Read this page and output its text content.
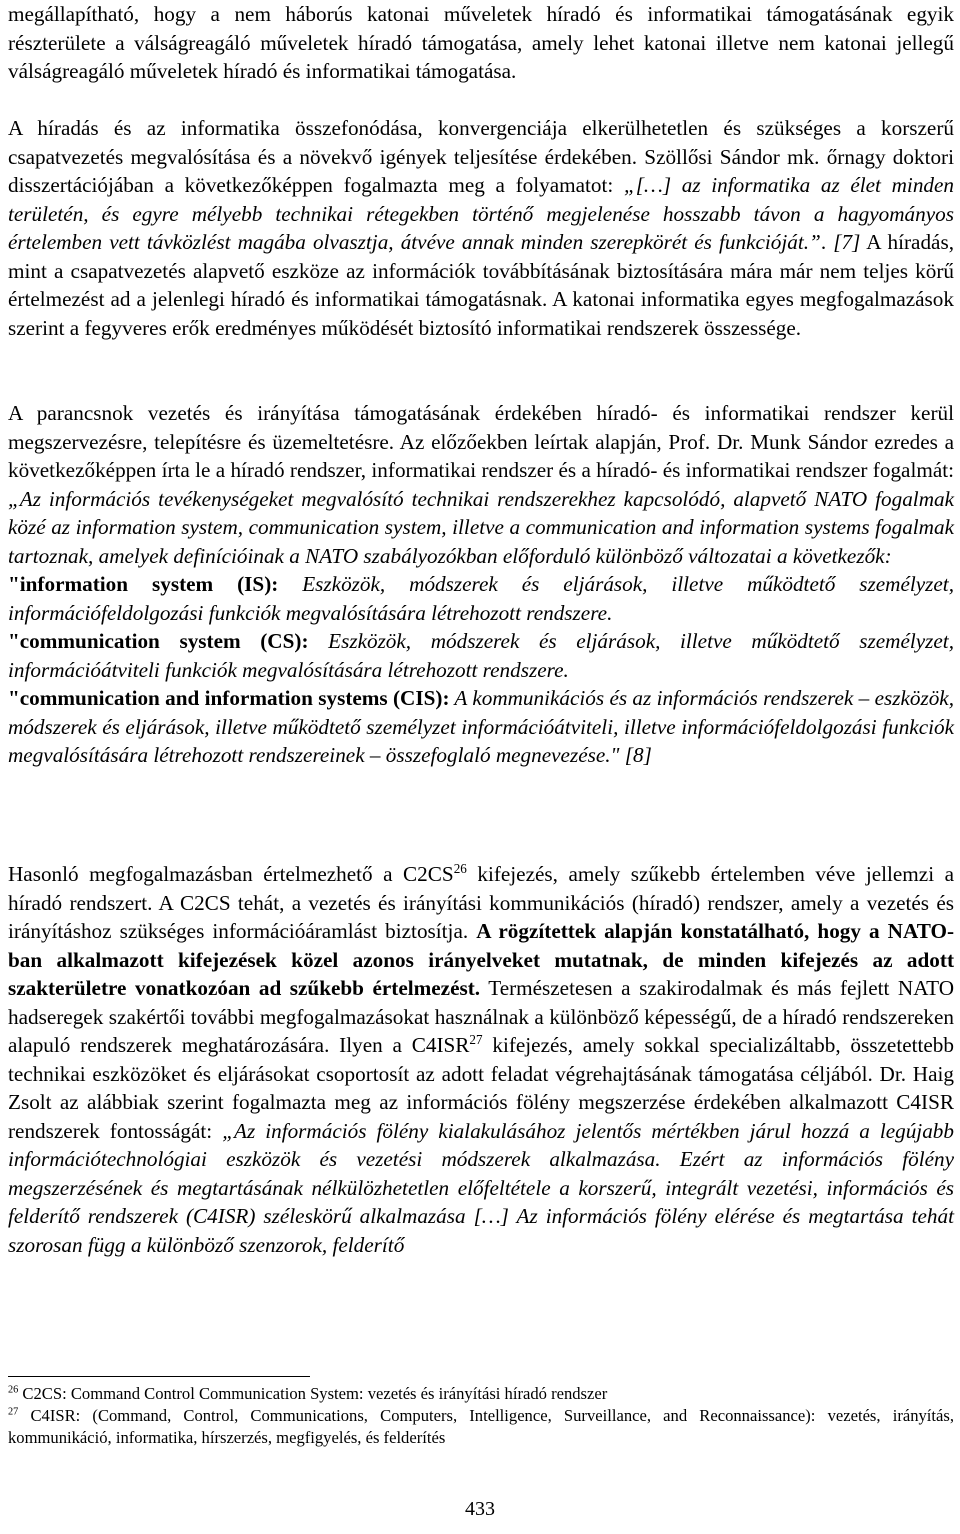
megállapítható, hogy a nem háborús katonai műveletek híradó és informatikai támogatásának egyik részterülete a válságreagáló műveletek híradó támogatása, amely lehet katonai illetve nem katonai jellegű válságreagáló műveletek híradó és informatikai támogatása.

A híradás és az informatika összefonódása, konvergenciája elkerülhetetlen és szükséges a korszerű csapatvezetés megvalósítása és a növekvő igények teljesítése érdekében. Szöllősi Sándor mk. őrnagy doktori disszertációjában a következőképpen fogalmazta meg a folyamatot: „[…] az informatika az élet minden területén, és egyre mélyebb technikai rétegekben történő megjelenése hosszabb távon a hagyományos értelemben vett távközlést magába olvasztja, átvéve annak minden szerepkörét és funkcióját.”. [7] A híradás, mint a csapatvezetés alapvető eszköze az információk továbbításának biztosítására mára már nem teljes körű értelmezést ad a jelenlegi híradó és informatikai támogatásnak. A katonai informatika egyes megfogalmazások szerint a fegyveres erők eredményes működését biztosító informatikai rendszerek összessége.

A parancsnok vezetés és irányítása támogatásának érdekében híradó- és informatikai rendszer kerül megszervezésre, telepítésre és üzemeltetésre. Az előzőekben leírtak alapján, Prof. Dr. Munk Sándor ezredes a következőképpen írta le a híradó rendszer, informatikai rendszer és a híradó- és informatikai rendszer fogalmát: „Az információs tevékenységeket megvalósító technikai rendszerekhez kapcsolódó, alapvető NATO fogalmak közé az information system, communication system, illetve a communication and information systems fogalmak tartoznak, amelyek definícióinak a NATO szabályozókban előforduló különböző változatai a következők:
"information system (IS): Eszközök, módszerek és eljárások, illetve működtető személyzet, információfeldolgozási funkciók megvalósítására létrehozott rendszere.
"communication system (CS): Eszközök, módszerek és eljárások, illetve működtető személyzet, információátviteli funkciók megvalósítására létrehozott rendszere.
"communication and information systems (CIS): A kommunikációs és az információs rendszerek – eszközök, módszerek és eljárások, illetve működtető személyzet információátviteli, illetve információfeldolgozási funkciók megvalósítására létrehozott rendszereinek – összefoglaló megnevezése." [8]

Hasonló megfogalmazásban értelmezhető a C2CS$^{26}$ kifejezés, amely szűkebb értelemben véve jellemzi a híradó rendszert. A C2CS tehát, a vezetés és irányítási kommunikációs (híradó) rendszer, amely a vezetés és irányításhoz szükséges információáramlást biztosítja. A rögzítettek alapján konstatálható, hogy a NATO-ban alkalmazott kifejezések közel azonos irányelveket mutatnak, de minden kifejezés az adott szakterületre vonatkozóan ad szűkebb értelmezést. Természetesen a szakirodalmak és más fejlett NATO hadseregek szakértői további megfogalmazásokat használnak a különböző képességű, de a híradó rendszereken alapuló rendszerek meghatározására. Ilyen a C4ISR$^{27}$ kifejezés, amely sokkal specializáltabb, összetettebb technikai eszközöket és eljárásokat csoportosít az adott feladat végrehajtásának támogatása céljából. Dr. Haig Zsolt az alábbiak szerint fogalmazta meg az információs fölény megszerzése érdekében alkalmazott C4ISR rendszerek fontosságát: „Az információs fölény kialakulásához jelentős mértékben járul hozzá a legújabb információtechnológiai eszközök és vezetési módszerek alkalmazása. Ezért az információs fölény megszerzésének és megtartásának nélkülözhetetlen előfeltétele a korszerű, integrált vezetési, információs és felderítő rendszerek (C4ISR) széleskörű alkalmazása […] Az információs fölény elérése és megtartása tehát szorosan függ a különböző szenzorok, felderítő

$^{26}$ C2CS: Command Control Communication System: vezetés és irányítási híradó rendszer

$^{27}$ C4ISR: (Command, Control, Communications, Computers, Intelligence, Surveillance, and Reconnaissance): vezetés, irányítás, kommunikáció, informatika, hírszerzés, megfigyelés, és felderítés

433
